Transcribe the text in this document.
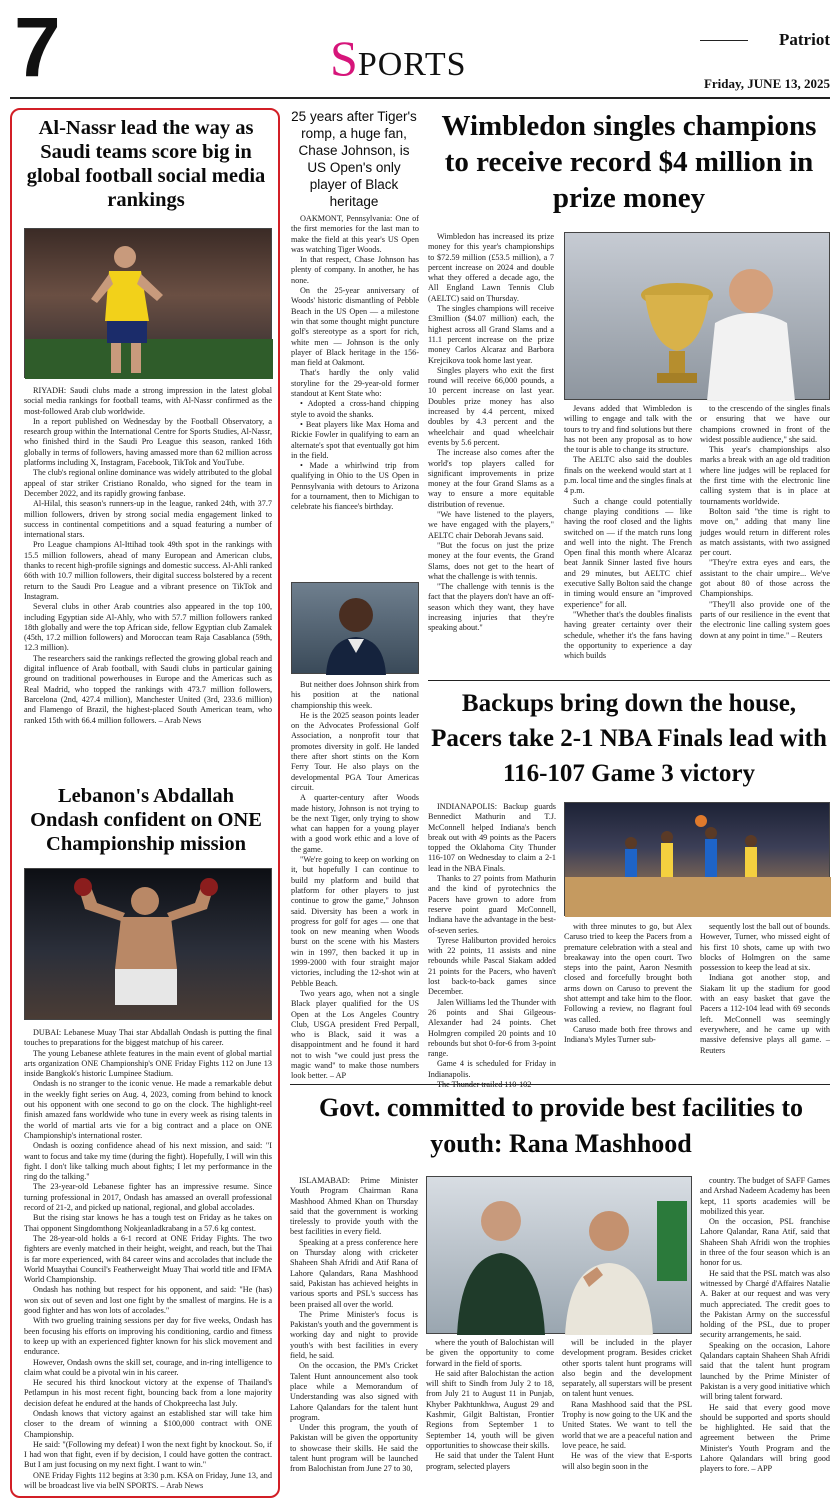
7	SPORTS
Patriot
Friday, JUNE 13, 2025
Al-Nassr lead the way as Saudi teams score big in global football social media rankings

RIYADH: Saudi clubs made a strong impression in the latest global social media rankings for football teams, with Al-Nassr confirmed as the most-followed Arab club worldwide.

In a report published on Wednesday by the Football Observatory, a research group within the International Centre for Sports Studies, Al-Nassr, who finished third in the Saudi Pro League this season, ranked 16th globally in terms of followers, having amassed more than 62 million across platforms including X, Instagram, Facebook, TikTok and YouTube.

The club's regional online dominance was widely attributed to the global appeal of star striker Cristiano Ronaldo, who signed for the team in December 2022, and its rapidly growing fanbase.

Al-Hilal, this season's runners-up in the league, ranked 24th, with 37.7 million followers, driven by strong social media engagement linked to success in continental competitions and a squad featuring a number of international stars.

Pro League champions Al-Ittihad took 49th spot in the rankings with 15.5 million followers, ahead of many European and American clubs, thanks to recent high-profile signings and domestic success. Al-Ahli ranked 66th with 10.7 million followers, their digital success bolstered by a recent return to the Saudi Pro League and a vibrant presence on TikTok and Instagram.

Several clubs in other Arab countries also appeared in the top 100, including Egyptian side Al-Ahly, who with 57.7 million followers ranked 18th globally and were the top African side, fellow Egyptian club Zamalek (45th, 17.2 million followers) and Moroccan team Raja Casablanca (59th, 12.3 million).

The researchers said the rankings reflected the growing global reach and digital influence of Arab football, with Saudi clubs in particular gaining ground on traditional powerhouses in Europe and the Americas such as Real Madrid, who topped the rankings with 473.7 million followers, Barcelona (2nd, 427.4 million), Manchester United (3rd, 233.6 million) and Flamengo of Brazil, the highest-placed South American team, who ranked 15th with 66.4 million followers. – Arab News

Lebanon's Abdallah Ondash confident on ONE Championship mission

DUBAI: Lebanese Muay Thai star Abdallah Ondash is putting the final touches to preparations for the biggest matchup of his career.

The young Lebanese athlete features in the main event of global martial arts organization ONE Championship's ONE Friday Fights 112 on June 13 inside Bangkok's historic Lumpinee Stadium.

Ondash is no stranger to the iconic venue. He made a remarkable debut in the weekly fight series on Aug. 4, 2023, coming from behind to knock out his opponent with one second to go on the clock. The highlight-reel finish amazed fans worldwide who tune in every week as rising talents in the world of martial arts vie for a big contract and a place on ONE Championship's international roster.

Ondash is oozing confidence ahead of his next mission, and said: "I want to focus and take my time (during the fight). Hopefully, I will win this fight. I don't like talking much about fights; I let my performance in the ring do the talking."

The 23-year-old Lebanese fighter has an impressive resume. Since turning professional in 2017, Ondash has amassed an overall professional record of 21-2, and picked up national, regional, and global accolades.

But the rising star knows he has a tough test on Friday as he takes on Thai opponent Singdomthong Nokjeanladkrabang in a 57.6 kg contest.

The 28-year-old holds a 6-1 record at ONE Friday Fights. The two fighters are evenly matched in their height, weight, and reach, but the Thai is far more experienced, with 84 career wins and accolades that include the World Muaythai Council's Featherweight Muay Thai world title and IFMA World Championship.

Ondash has nothing but respect for his opponent, and said: "He (has) won six out of seven and lost one fight by the smallest of margins. He is a good fighter and has won lots of accolades."

With two grueling training sessions per day for five weeks, Ondash has been focusing his efforts on improving his conditioning, cardio and fitness to keep up with an experienced fighter known for his slick movement and endurance.

However, Ondash owns the skill set, courage, and in-ring intelligence to claim what could be a pivotal win in his career.

He secured his third knockout victory at the expense of Thailand's Petlampun in his most recent fight, bouncing back from a lone majority decision defeat he endured at the hands of Chokpreecha last July.

Ondash knows that victory against an established star will take him closer to the dream of winning a $100,000 contract with ONE Championship.

He said: "(Following my defeat) I won the next fight by knockout. So, if I had won that fight, even if by decision, I could have gotten the contract. But I am just focusing on my next fight. I want to win."

ONE Friday Fights 112 begins at 3:30 p.m. KSA on Friday, June 13, and will be broadcast live via beIN SPORTS. – Arab News

25 years after Tiger's romp, a huge fan, Chase Johnson, is US Open's only player of Black heritage

OAKMONT, Pennsylvania: One of the first memories for the last man to make the field at this year's US Open was watching Tiger Woods.

In that respect, Chase Johnson has plenty of company. In another, he has none.

On the 25-year anniversary of Woods' historic dismantling of Pebble Beach in the US Open — a milestone win that some thought might puncture golf's stereotype as a sport for rich, white men — Johnson is the only player of Black heritage in the 156-man field at Oakmont.

That's hardly the only valid storyline for the 29-year-old former standout at Kent State who:

• Adopted a cross-hand chipping style to avoid the shanks.

• Beat players like Max Homa and Rickie Fowler in qualifying to earn an alternate's spot that eventually got him in the field.

• Made a whirlwind trip from qualifying in Ohio to the US Open in Pennsylvania with detours to Arizona for a tournament, then to Michigan to celebrate his fiancee's birthday.

But neither does Johnson shirk from his position at the national championship this week.

He is the 2025 season points leader on the Advocates Professional Golf Association, a nonprofit tour that promotes diversity in golf. He landed there after short stints on the Korn Ferry Tour. He also plays on the developmental PGA Tour Americas circuit.

A quarter-century after Woods made history, Johnson is not trying to be the next Tiger, only trying to show what can happen for a young player with a good work ethic and a love of the game.

"We're going to keep on working on it, but hopefully I can continue to build my platform and build that platform for other players to just continue to grow the game," Johnson said. Diversity has been a work in progress for golf for ages — one that took on new meaning when Woods burst on the scene with his Masters win in 1997, then backed it up in 1999-2000 with four straight major victories, including the 12-shot win at Pebble Beach.

Two years ago, when not a single Black player qualified for the US Open at the Los Angeles Country Club, USGA president Fred Perpall, who is Black, said it was a disappointment and he found it hard not to wish "we could just press the magic wand" to make those numbers look better. – AP

Wimbledon singles champions to receive record $4 million in prize money

Wimbledon has increased its prize money for this year's championships to $72.59 million (£53.5 million), a 7 percent increase on 2024 and double what they offered a decade ago, the All England Lawn Tennis Club (AELTC) said on Thursday.

The singles champions will receive £3million ($4.07 million) each, the highest across all Grand Slams and a 11.1 percent increase on the prize money Carlos Alcaraz and Barbora Krejcikova took home last year.

Singles players who exit the first round will receive 66,000 pounds, a 10 percent increase on last year. Doubles prize money has also increased by 4.4 percent, mixed doubles by 4.3 percent and the wheelchair and quad wheelchair events by 5.6 percent.

The increase also comes after the world's top players called for significant improvements in prize money at the four Grand Slams as a way to ensure a more equitable distribution of revenue.

"We have listened to the players, we have engaged with the players," AELTC chair Deborah Jevans said.

"But the focus on just the prize money at the four events, the Grand Slams, does not get to the heart of what the challenge is with tennis.

"The challenge with tennis is the fact that the players don't have an off-season which they want, they have increasing injuries that they're speaking about."

Jevans added that Wimbledon is willing to engage and talk with the tours to try and find solutions but there has not been any proposal as to how the tour is able to change its structure.

The AELTC also said the doubles finals on the weekend would start at 1 p.m. local time and the singles finals at 4 p.m.

Such a change could potentially change playing conditions — like having the roof closed and the lights switched on — if the match runs long and well into the night. The French Open final this month where Alcaraz beat Jannik Sinner lasted five hours and 29 minutes, but AELTC chief executive Sally Bolton said the change in timing would ensure an "improved experience" for all.

"Whether that's the doubles finalists having greater certainty over their schedule, whether it's the fans having the opportunity to experience a day which builds

to the crescendo of the singles finals or ensuring that we have our champions crowned in front of the widest possible audience," she said.

This year's championships also marks a break with an age old tradition where line judges will be replaced for the first time with the electronic line calling system that is in place at tournaments worldwide.

Bolton said "the time is right to move on," adding that many line judges would return in different roles as match assistants, with two assigned per court.

"They're extra eyes and ears, the assistant to the chair umpire... We've got about 80 of those across the Championships.

"They'll also provide one of the parts of our resilience in the event that the electronic line calling system goes down at any point in time." – Reuters

Backups bring down the house, Pacers take 2-1 NBA Finals lead with 116-107 Game 3 victory

INDIANAPOLIS: Backup guards Bennedict Mathurin and T.J. McConnell helped Indiana's bench break out with 49 points as the Pacers topped the Oklahoma City Thunder 116-107 on Wednesday to claim a 2-1 lead in the NBA Finals.

Thanks to 27 points from Mathurin and the kind of pyrotechnics the Pacers have grown to adore from reserve point guard McConnell, Indiana have the advantage in the best-of-seven series.

Tyrese Haliburton provided heroics with 22 points, 11 assists and nine rebounds while Pascal Siakam added 21 points for the Pacers, who haven't lost back-to-back games since December.

Jalen Williams led the Thunder with 26 points and Shai Gilgeous-Alexander had 24 points. Chet Holmgren compiled 20 points and 10 rebounds but shot 0-for-6 from 3-point range.

Game 4 is scheduled for Friday in Indianapolis.

with three minutes to go, but Alex Caruso tried to keep the Pacers from a premature celebration with a steal and breakaway into the open court. Two steps into the paint, Aaron Nesmith closed and forcefully brought both arms down on Caruso to prevent the shot attempt and take him to the floor. Following a review, no flagrant foul was called.

Caruso made both free throws and Indiana's Myles Turner sub-

sequently lost the ball out of bounds. However, Turner, who missed eight of his first 10 shots, came up with two blocks of Holmgren on the same possession to keep the lead at six.

Indiana got another stop, and Siakam lit up the stadium for good with an easy basket that gave the Pacers a 112-104 lead with 69 seconds left. McConnell was seemingly everywhere, and he came up with massive defensive plays all game. – Reuters

Govt. committed to provide best facilities to youth: Rana Mashhood

ISLAMABAD: Prime Minister Youth Program Chairman Rana Mashhood Ahmed Khan on Thursday said that the government is working tirelessly to provide youth with the best facilities in every field.

Speaking at a press conference here on Thursday along with cricketer Shaheen Shah Afridi and Atif Rana of Lahore Qalandars, Rana Mashhood said, Pakistan has achieved heights in various sports and PSL's success has been praised all over the world.

The Prime Minister's focus is Pakistan's youth and the government is working day and night to provide youth's with best facilities in every field, he said.

On the occasion, the PM's Cricket Talent Hunt announcement also took place while a Memorandum of Understanding was also signed with Lahore Qalandars for the talent hunt program.

Under this program, the youth of Pakistan will be given the opportunity to showcase their skills. He said the talent hunt program will be launched from Balochistan from June 27 to 30,

where the youth of Balochistan will be given the opportunity to come forward in the field of sports.

He said after Balochistan the action will shift to Sindh from July 2 to 18, from July 21 to August 11 in Punjab, Khyber Pakhtunkhwa, August 29 and Kashmir, Gilgit Baltistan, Frontier Regions from September 1 to September 14, youth will be given opportunities to showcase their skills.

He said that under the Talent Hunt program, selected players

will be included in the player development program. Besides cricket other sports talent hunt programs will also begin and the development separately, all superstars will be present on talent hunt venues.

Rana Mashhood said that the PSL Trophy is now going to the UK and the United States. We want to tell the world that we are a peaceful nation and love peace, he said.

He was of the view that E-sports will also begin soon in the

country. The budget of SAFF Games and Arshad Nadeem Academy has been kept, 11 sports academies will be mobilized this year.

On the occasion, PSL franchise Lahore Qalandar, Rana Atif, said that Shaheen Shah Afridi won the trophies in three of the four season which is an honor for us.

He said that the PSL match was also witnessed by Chargé d'Affaires Natalie A. Baker at our request and was very much appreciated. The credit goes to the Pakistan Army on the successful holding of the PSL, due to proper security arrangements, he said.

Speaking on the occasion, Lahore Qalandars captain Shaheen Shah Afridi said that the talent hunt program launched by the Prime Minister of Pakistan is a very good initiative which will bring talent forward.

He said that every good move should be supported and sports should be highlighted. He said that the agreement between the Prime Minister's Youth Program and the Lahore Qalandars will bring good players to fore. – APP
